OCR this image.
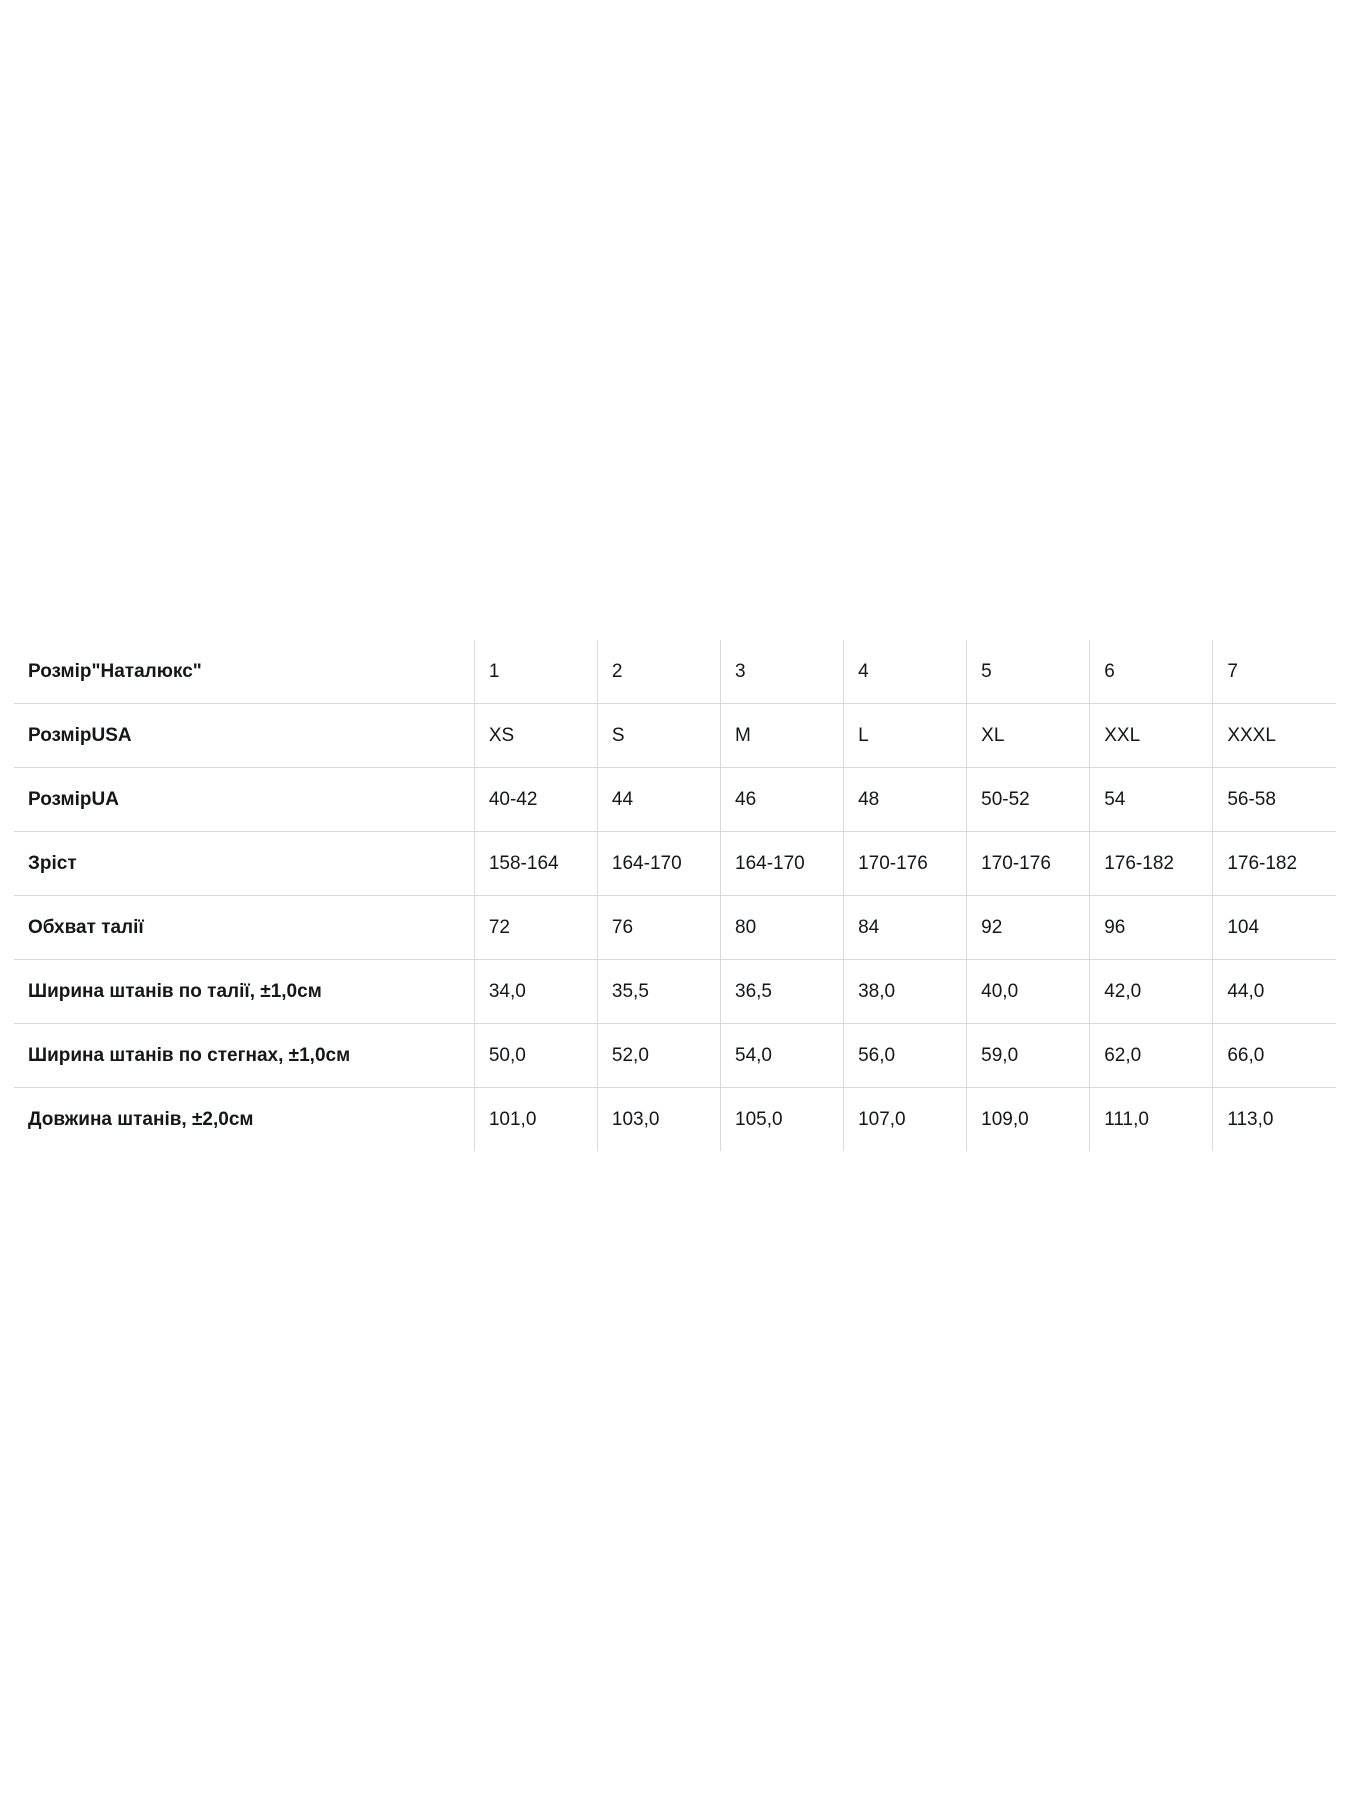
Розмір"Наталюкс"	1	2	3	4	5	6	7
РозмірUSA	XS	S	M	L	XL	XXL	XXXL
РозмірUA	40-42	44	46	48	50-52	54	56-58
Зріст	158-164	164-170	164-170	170-176	170-176	176-182	176-182
Обхват талії	72	76	80	84	92	96	104
Ширина штанів по талії, ±1,0см	34,0	35,5	36,5	38,0	40,0	42,0	44,0
Ширина штанів по стегнах, ±1,0см	50,0	52,0	54,0	56,0	59,0	62,0	66,0
Довжина штанів, ±2,0см	101,0	103,0	105,0	107,0	109,0	111,0	113,0
